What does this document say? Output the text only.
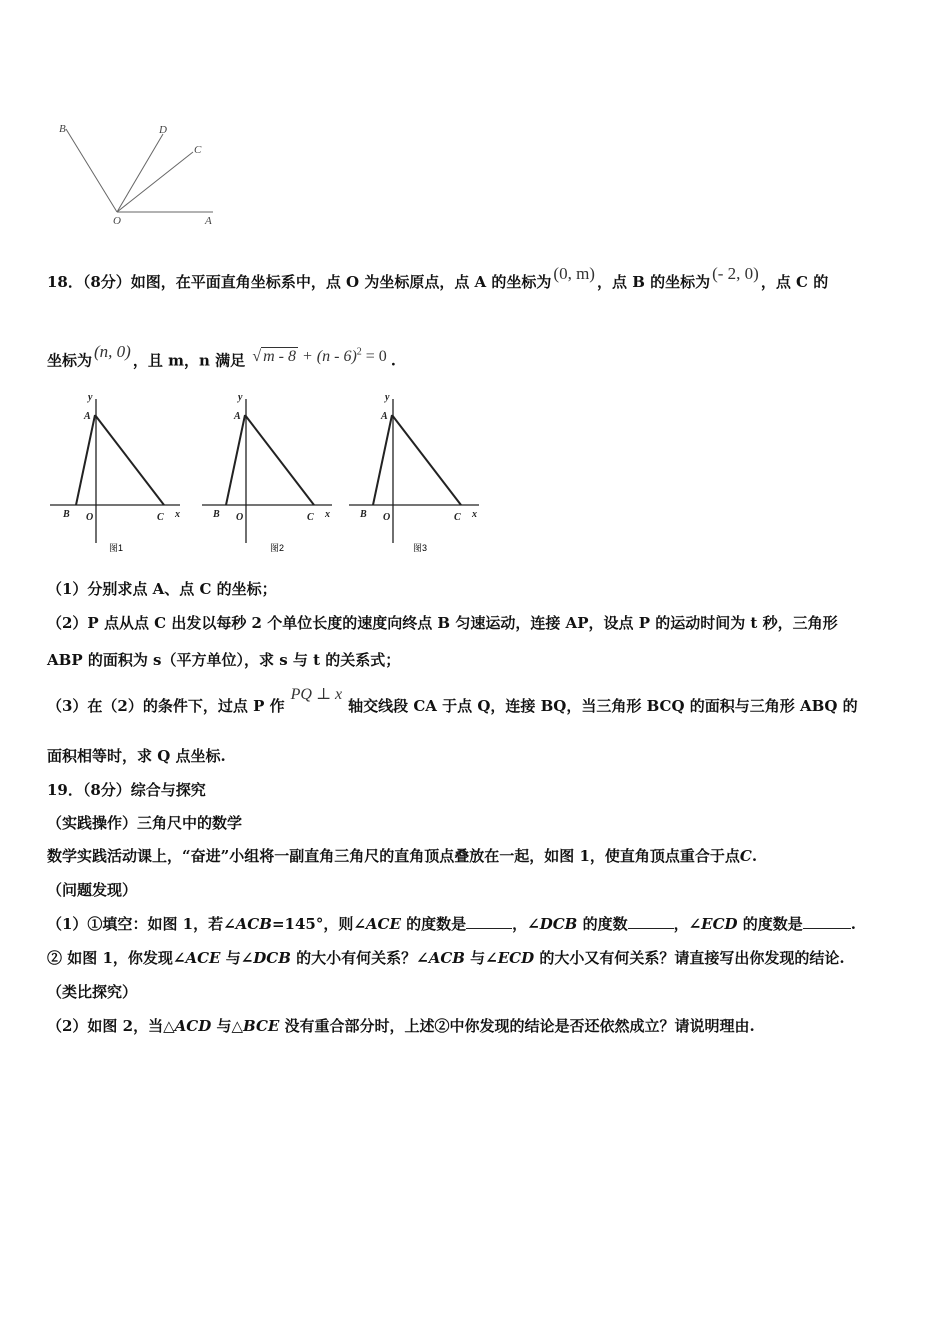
B	D
C
O	A
18．（8分）如图，在平面直角坐标系中，点 O 为坐标原点，点 A 的坐标为 (0, m) ，点 B 的坐标为 (- 2, 0) ，点 C 的
坐标为 (n, 0) ，且 m，n 满足 √ m - 8 + (n - 6)$^2$ = 0 .
y
A
B O	C x
图1
y
A
B O	C x
图2
y
A
B O	C x
图3
（1）分别求点 A、点 C 的坐标；
（2）P 点从点 C 出发以每秒 2 个单位长度的速度向终点 B 匀速运动，连接 AP，设点 P 的运动时间为 t 秒，三角形
ABP 的面积为 s（平方单位），求 s 与 t 的关系式；
（3）在（2）的条件下，过点 P 作PQ ⊥ x轴交线段 CA 于点 Q，连接 BQ，当三角形 BCQ 的面积与三角形 ABQ 的
面积相等时，求 Q 点坐标.
19．（8分）综合与探究
（实践操作）三角尺中的数学
数学实践活动课上，“奋进”小组将一副直角三角尺的直角顶点叠放在一起，如图 1，使直角顶点重合于点C.
（问题发现）
（1）①填空：如图 1，若∠ACB=145°，则∠ACE 的度数是	，∠DCB 的度数	，∠ECD 的度数是	.
② 如图 1，你发现∠ACE 与∠DCB 的大小有何关系？∠ACB 与∠ECD 的大小又有何关系？请直接写出你发现的结论.
（类比探究）
（2）如图 2，当△ACD 与△BCE 没有重合部分时，上述②中你发现的结论是否还依然成立？请说明理由.
